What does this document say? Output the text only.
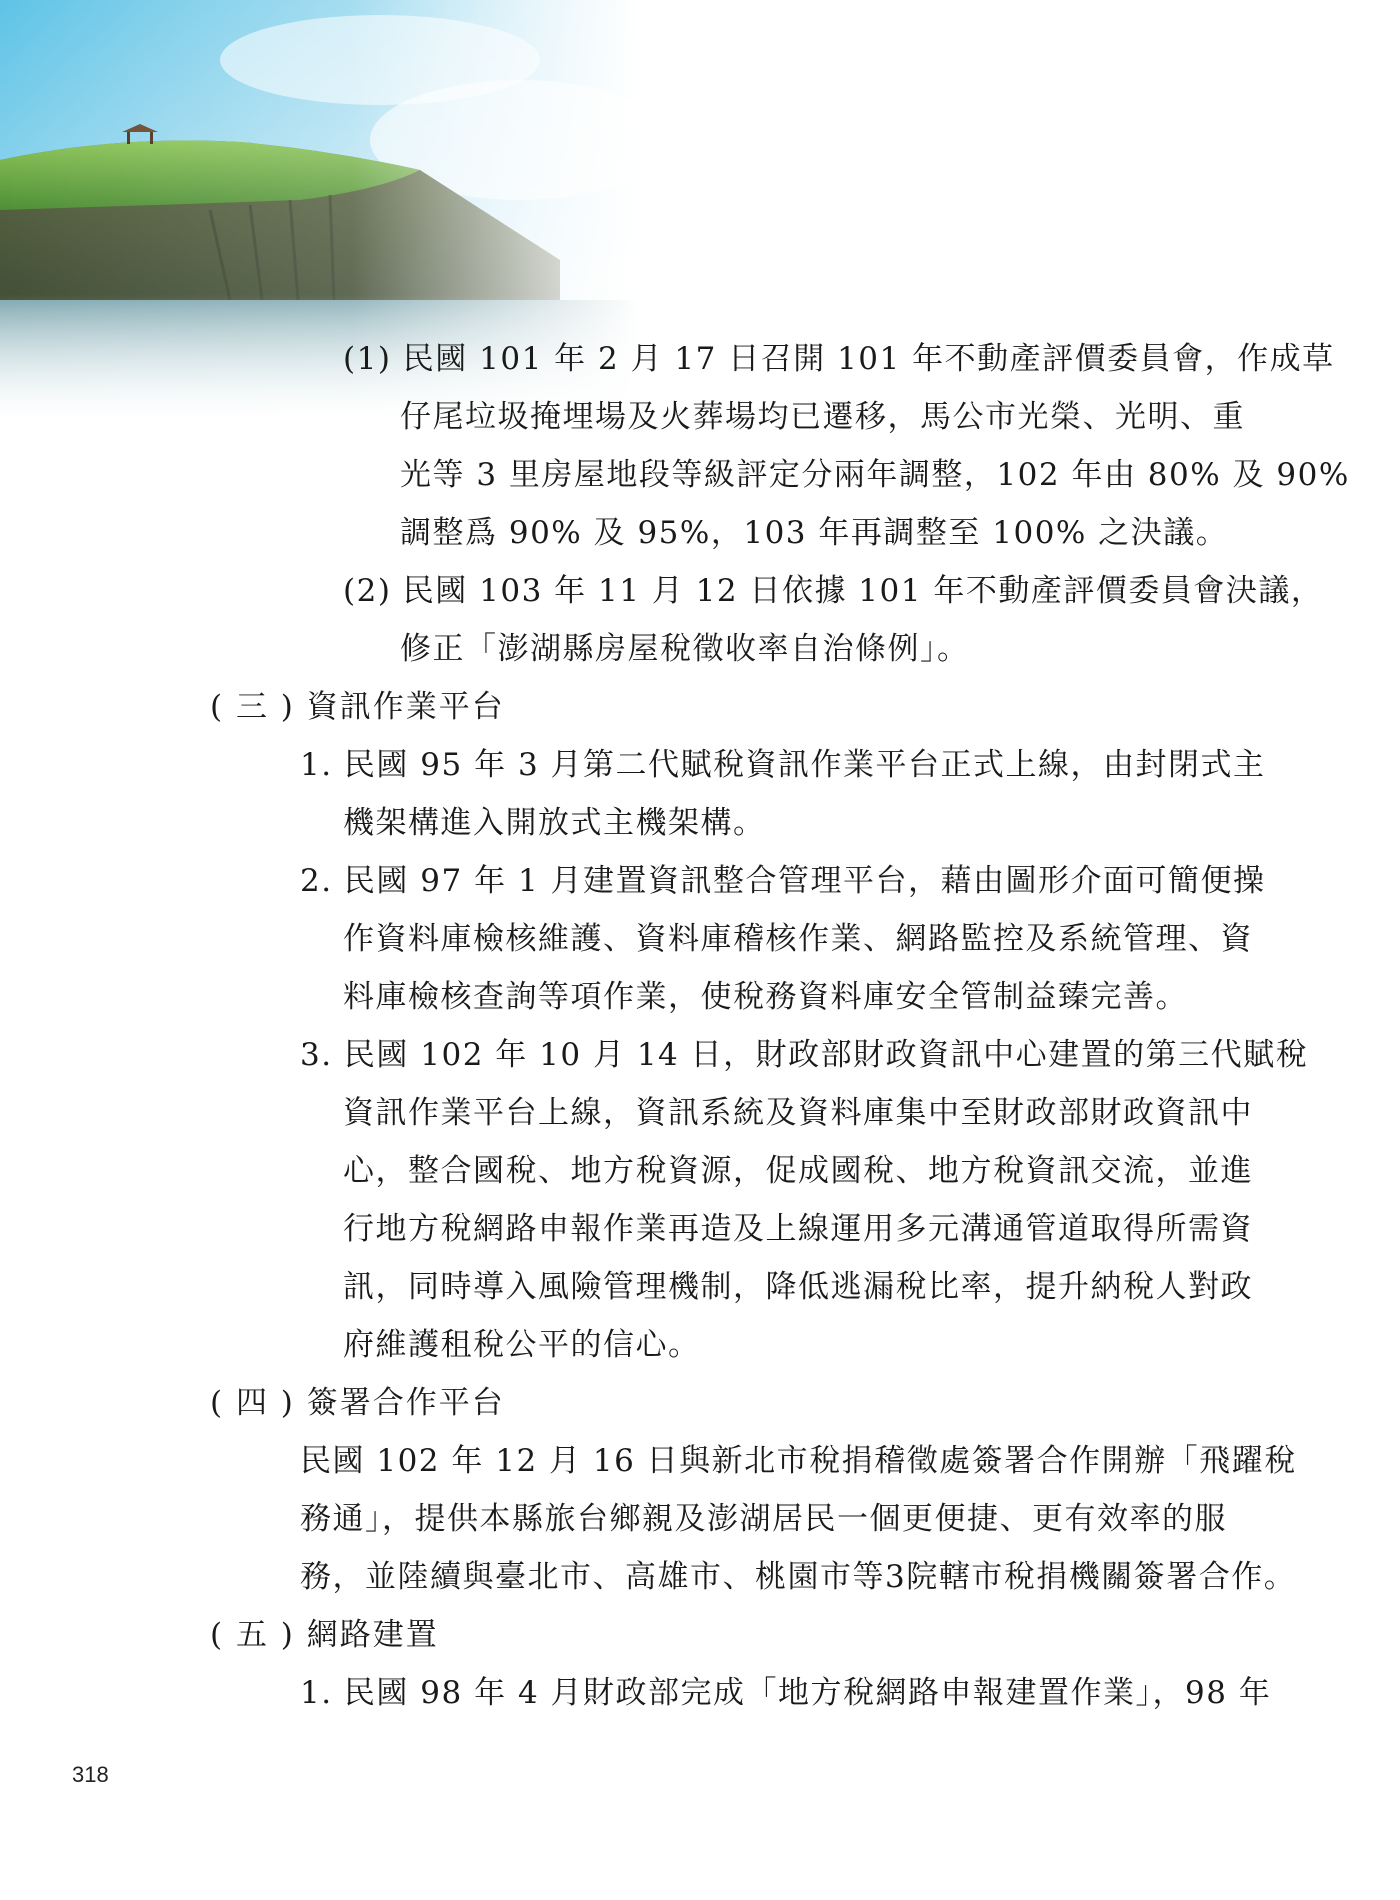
(1) 民國 101 年 2 月 17 日召開 101 年不動產評價委員會，作成草

仔尾垃圾掩埋場及火葬場均已遷移，馬公市光榮、光明、重

光等 3 里房屋地段等級評定分兩年調整，102 年由 80% 及 90%

調整爲 90% 及 95%，103 年再調整至 100% 之決議。

(2) 民國 103 年 11 月 12 日依據 101 年不動產評價委員會決議，

修正「澎湖縣房屋稅徵收率自治條例」。

( 三 ) 資訊作業平台

1. 民國 95 年 3 月第二代賦稅資訊作業平台正式上線，由封閉式主

機架構進入開放式主機架構。

2. 民國 97 年 1 月建置資訊整合管理平台，藉由圖形介面可簡便操

作資料庫檢核維護、資料庫稽核作業、網路監控及系統管理、資

料庫檢核查詢等項作業，使稅務資料庫安全管制益臻完善。

3. 民國 102 年 10 月 14 日，財政部財政資訊中心建置的第三代賦稅

資訊作業平台上線，資訊系統及資料庫集中至財政部財政資訊中

心，整合國稅、地方稅資源，促成國稅、地方稅資訊交流，並進

行地方稅網路申報作業再造及上線運用多元溝通管道取得所需資

訊，同時導入風險管理機制，降低逃漏稅比率，提升納稅人對政

府維護租稅公平的信心。

( 四 ) 簽署合作平台

民國 102 年 12 月 16 日與新北市稅捐稽徵處簽署合作開辦「飛躍稅

務通」，提供本縣旅台鄉親及澎湖居民一個更便捷、更有效率的服

務，並陸續與臺北市、高雄市、桃園市等3院轄市稅捐機關簽署合作。

( 五 ) 網路建置

1. 民國 98 年 4 月財政部完成「地方稅網路申報建置作業」，98 年

318
